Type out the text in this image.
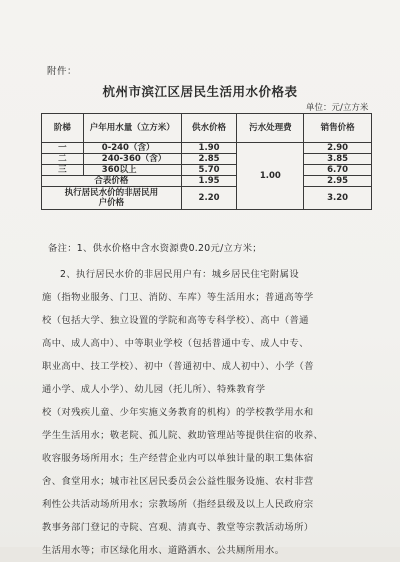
附件：
杭州市滨江区居民生活用水价格表
单位：元/立方米
阶梯	户年用水量（立方米）	供水价格	污水处理费	销售价格
一	0-240（含）	1.90	1.00	2.90
二	240-360（含）	2.85		3.85
三	360以上	5.70		6.70
合表价格		1.95		2.95
执行居民水价的非居民用户价格		2.20		3.20
备注：1、供水价格中含水资源费0.20元/立方米；
2、执行居民水价的非居民用户有：城乡居民住宅附属设
施（指物业服务、门卫、消防、车库）等生活用水；普通高等学
校（包括大学、独立设置的学院和高等专科学校）、高中（普通
高中、成人高中）、中等职业学校（包括普通中专、成人中专、
职业高中、技工学校）、初中（普通初中、成人初中）、小学（普
通小学、成人小学）、幼儿园（托儿所）、特殊教育学
校（对残疾儿童、少年实施义务教育的机构）的学校教学用水和
学生生活用水；敬老院、孤儿院、救助管理站等提供住宿的收养、
收容服务场所用水；生产经营企业内可以单独计量的职工集体宿
舍、食堂用水；城市社区居民委员会公益性服务设施、农村非营
利性公共活动场所用水；宗教场所（指经县级及以上人民政府宗
教事务部门登记的寺院、宫观、清真寺、教堂等宗教活动场所）
生活用水等；市区绿化用水、道路洒水、公共厕所用水。
